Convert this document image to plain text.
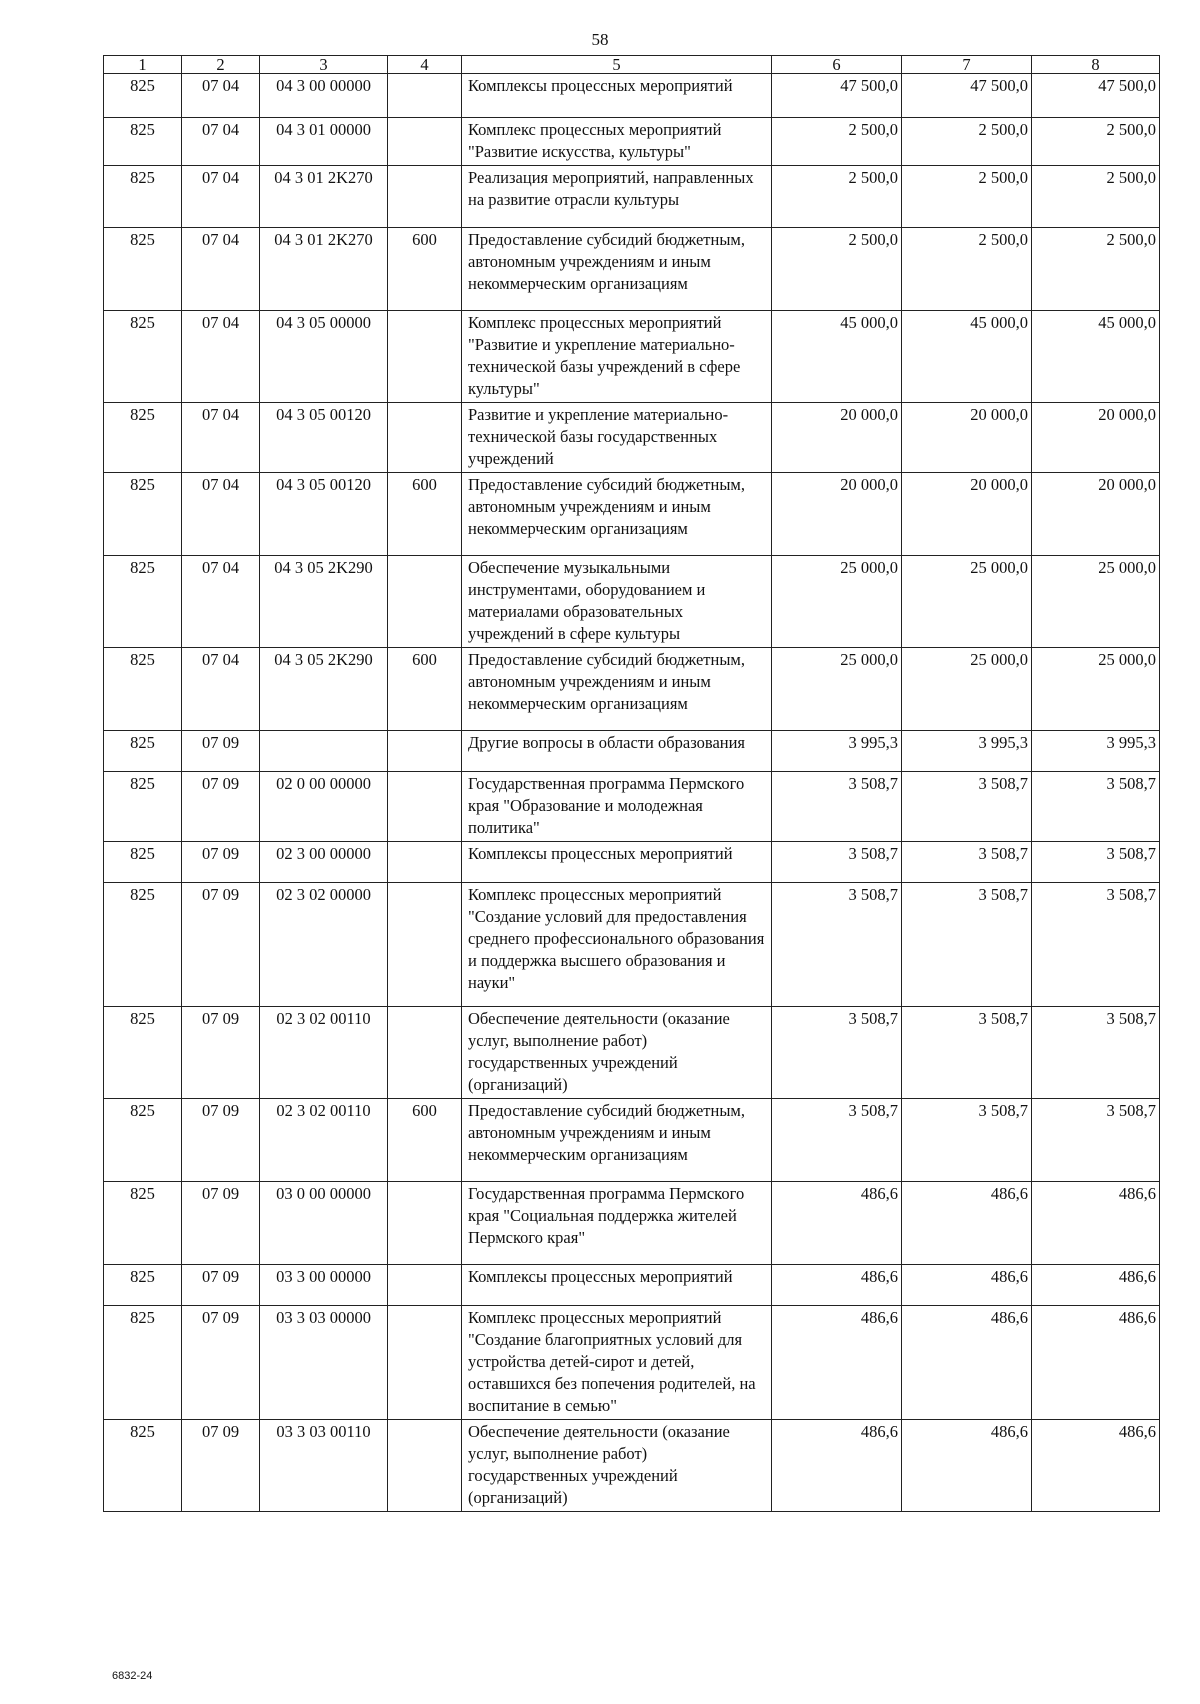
58
1	2	3	4	5	6	7	8
825	07 04	04 3 00 00000		Комплексы процессных мероприятий	47 500,0	47 500,0	47 500,0
825	07 04	04 3 01 00000		Комплекс процессных мероприятий "Развитие искусства, культуры"	2 500,0	2 500,0	2 500,0
825	07 04	04 3 01 2K270		Реализация мероприятий, направленных на развитие отрасли культуры	2 500,0	2 500,0	2 500,0
825	07 04	04 3 01 2K270	600	Предоставление субсидий бюджетным, автономным учреждениям и иным некоммерческим организациям	2 500,0	2 500,0	2 500,0
825	07 04	04 3 05 00000		Комплекс процессных мероприятий "Развитие и укрепление материально-технической базы учреждений в сфере культуры"	45 000,0	45 000,0	45 000,0
825	07 04	04 3 05 00120		Развитие и укрепление материально-технической базы государственных учреждений	20 000,0	20 000,0	20 000,0
825	07 04	04 3 05 00120	600	Предоставление субсидий бюджетным, автономным учреждениям и иным некоммерческим организациям	20 000,0	20 000,0	20 000,0
825	07 04	04 3 05 2K290		Обеспечение музыкальными инструментами, оборудованием и материалами образовательных учреждений в сфере культуры	25 000,0	25 000,0	25 000,0
825	07 04	04 3 05 2K290	600	Предоставление субсидий бюджетным, автономным учреждениям и иным некоммерческим организациям	25 000,0	25 000,0	25 000,0
825	07 09			Другие вопросы в области образования	3 995,3	3 995,3	3 995,3
825	07 09	02 0 00 00000		Государственная программа Пермского края "Образование и молодежная политика"	3 508,7	3 508,7	3 508,7
825	07 09	02 3 00 00000		Комплексы процессных мероприятий	3 508,7	3 508,7	3 508,7
825	07 09	02 3 02 00000		Комплекс процессных мероприятий "Создание условий для предоставления среднего профессионального образования и поддержка высшего образования и науки"	3 508,7	3 508,7	3 508,7
825	07 09	02 3 02 00110		Обеспечение деятельности (оказание услуг, выполнение работ) государственных учреждений (организаций)	3 508,7	3 508,7	3 508,7
825	07 09	02 3 02 00110	600	Предоставление субсидий бюджетным, автономным учреждениям и иным некоммерческим организациям	3 508,7	3 508,7	3 508,7
825	07 09	03 0 00 00000		Государственная программа Пермского края "Социальная поддержка жителей Пермского края"	486,6	486,6	486,6
825	07 09	03 3 00 00000		Комплексы процессных мероприятий	486,6	486,6	486,6
825	07 09	03 3 03 00000		Комплекс процессных мероприятий "Создание благоприятных условий для устройства детей-сирот и детей, оставшихся без попечения родителей, на воспитание в семью"	486,6	486,6	486,6
825	07 09	03 3 03 00110		Обеспечение деятельности (оказание услуг, выполнение работ) государственных учреждений (организаций)	486,6	486,6	486,6
6832-24
